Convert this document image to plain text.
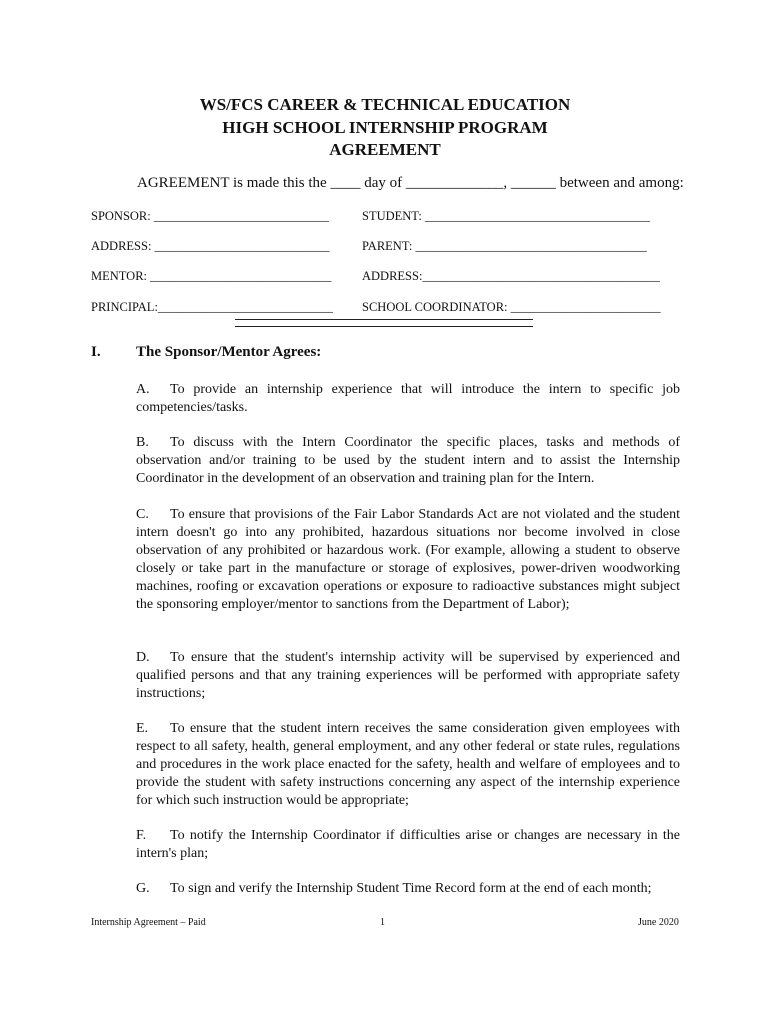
WS/FCS CAREER & TECHNICAL EDUCATION
HIGH SCHOOL INTERNSHIP PROGRAM
AGREEMENT
AGREEMENT is made this the ____ day of _____________, ______ between and among:
SPONSOR: ____________________________	STUDENT: ____________________________________
ADDRESS: ____________________________	PARENT: _____________________________________
MENTOR: _____________________________ ADDRESS:______________________________________
PRINCIPAL:____________________________ SCHOOL COORDINATOR: ________________________
I. The Sponsor/Mentor Agrees:
A. To provide an internship experience that will introduce the intern to specific job competencies/tasks.
B. To discuss with the Intern Coordinator the specific places, tasks and methods of observation and/or training to be used by the student intern and to assist the Internship Coordinator in the development of an observation and training plan for the Intern.
C. To ensure that provisions of the Fair Labor Standards Act are not violated and the student intern doesn't go into any prohibited, hazardous situations nor become involved in close observation of any prohibited or hazardous work. (For example, allowing a student to observe closely or take part in the manufacture or storage of explosives, power-driven woodworking machines, roofing or excavation operations or exposure to radioactive substances might subject the sponsoring employer/mentor to sanctions from the Department of Labor);
D. To ensure that the student's internship activity will be supervised by experienced and qualified persons and that any training experiences will be performed with appropriate safety instructions;
E. To ensure that the student intern receives the same consideration given employees with respect to all safety, health, general employment, and any other federal or state rules, regulations and procedures in the work place enacted for the safety, health and welfare of employees and to provide the student with safety instructions concerning any aspect of the internship experience for which such instruction would be appropriate;
F. To notify the Internship Coordinator if difficulties arise or changes are necessary in the intern's plan;
G. To sign and verify the Internship Student Time Record form at the end of each month;
Internship Agreement – Paid	1	June 2020
